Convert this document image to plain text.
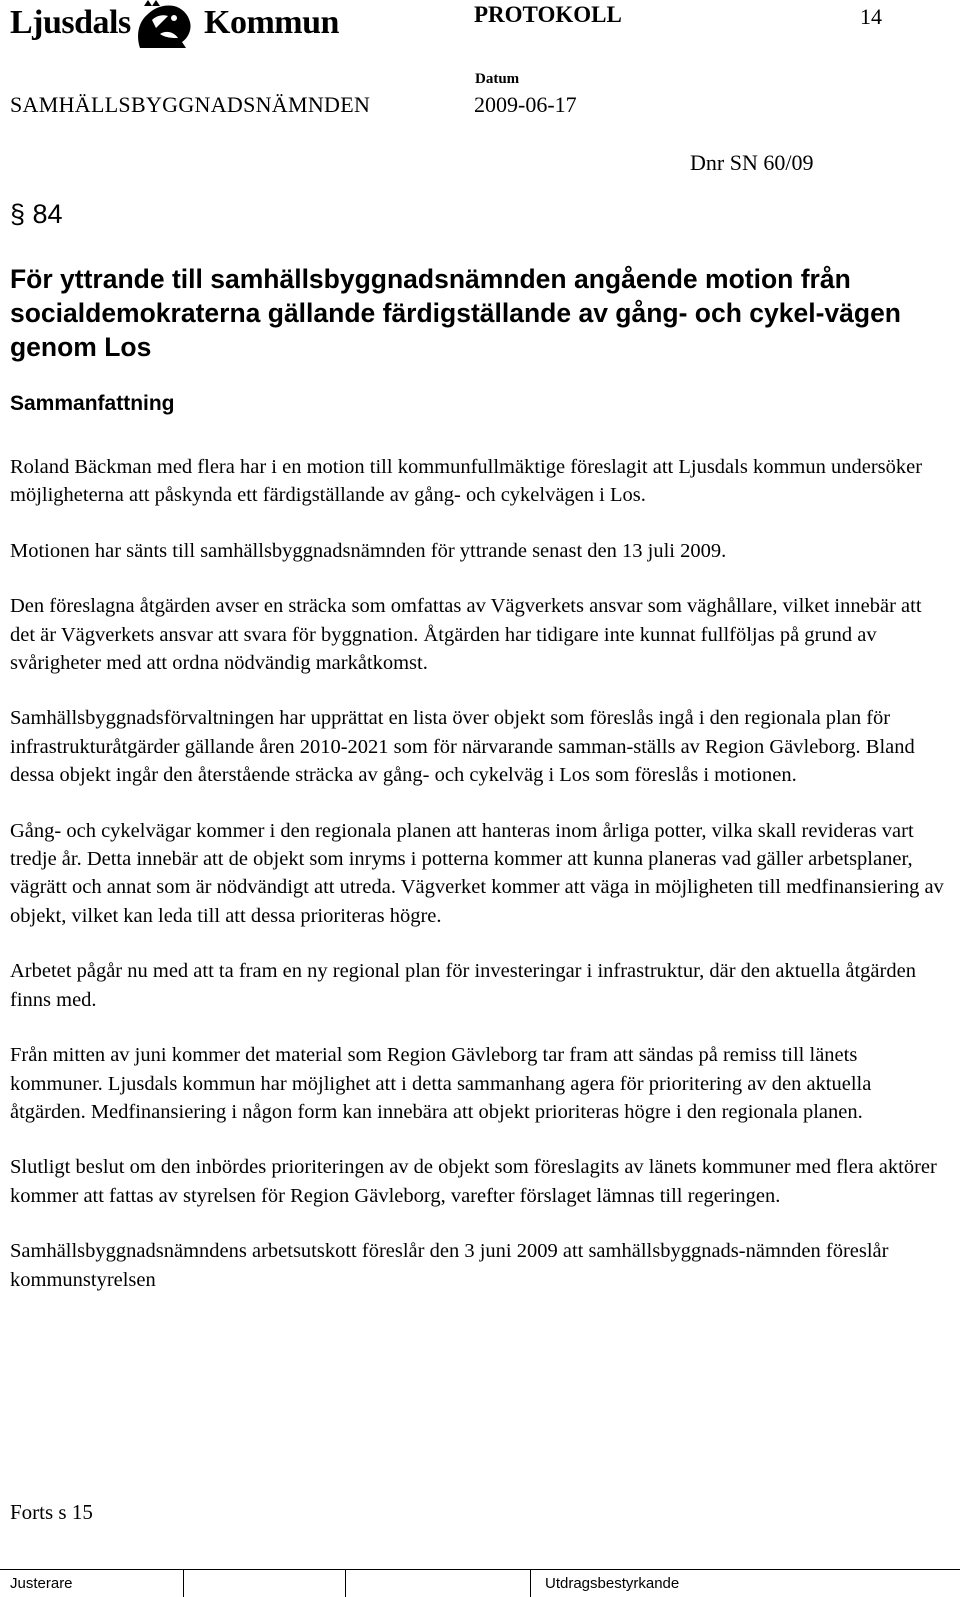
Ljusdals Kommun	PROTOKOLL	14
Datum
SAMHÄLLSBYGGNADSNÄMNDEN	2009-06-17
Dnr SN 60/09
§ 84
För yttrande till samhällsbyggnadsnämnden angående motion från socialdemokraterna gällande färdigställande av gång- och cykel-vägen genom Los
Sammanfattning

Roland Bäckman med flera har i en motion till kommunfullmäktige föreslagit att Ljusdals kommun undersöker möjligheterna att påskynda ett färdigställande av gång- och cykelvägen i Los.

Motionen har sänts till samhällsbyggnadsnämnden för yttrande senast den 13 juli 2009.

Den föreslagna åtgärden avser en sträcka som omfattas av Vägverkets ansvar som väghållare, vilket innebär att det är Vägverkets ansvar att svara för byggnation. Åtgärden har tidigare inte kunnat fullföljas på grund av svårigheter med att ordna nödvändig markåtkomst.

Samhällsbyggnadsförvaltningen har upprättat en lista över objekt som föreslås ingå i den regionala plan för infrastrukturåtgärder gällande åren 2010-2021 som för närvarande samman-ställs av Region Gävleborg. Bland dessa objekt ingår den återstående sträcka av gång- och cykelväg i Los som föreslås i motionen.

Gång- och cykelvägar kommer i den regionala planen att hanteras inom årliga potter, vilka skall revideras vart tredje år. Detta innebär att de objekt som inryms i potterna kommer att kunna planeras vad gäller arbetsplaner, vägrätt och annat som är nödvändigt att utreda. Vägverket kommer att väga in möjligheten till medfinansiering av objekt, vilket kan leda till att dessa prioriteras högre.

Arbetet pågår nu med att ta fram en ny regional plan för investeringar i infrastruktur, där den aktuella åtgärden finns med.

Från mitten av juni kommer det material som Region Gävleborg tar fram att sändas på remiss till länets kommuner. Ljusdals kommun har möjlighet att i detta sammanhang agera för prioritering av den aktuella åtgärden. Medfinansiering i någon form kan innebära att objekt prioriteras högre i den regionala planen.

Slutligt beslut om den inbördes prioriteringen av de objekt som föreslagits av länets kommuner med flera aktörer kommer att fattas av styrelsen för Region Gävleborg, varefter förslaget lämnas till regeringen.

Samhällsbyggnadsnämndens arbetsutskott föreslår den 3 juni 2009 att samhällsbyggnads-nämnden föreslår kommunstyrelsen

Forts s 15
Justerare	Utdragsbestyrkande
